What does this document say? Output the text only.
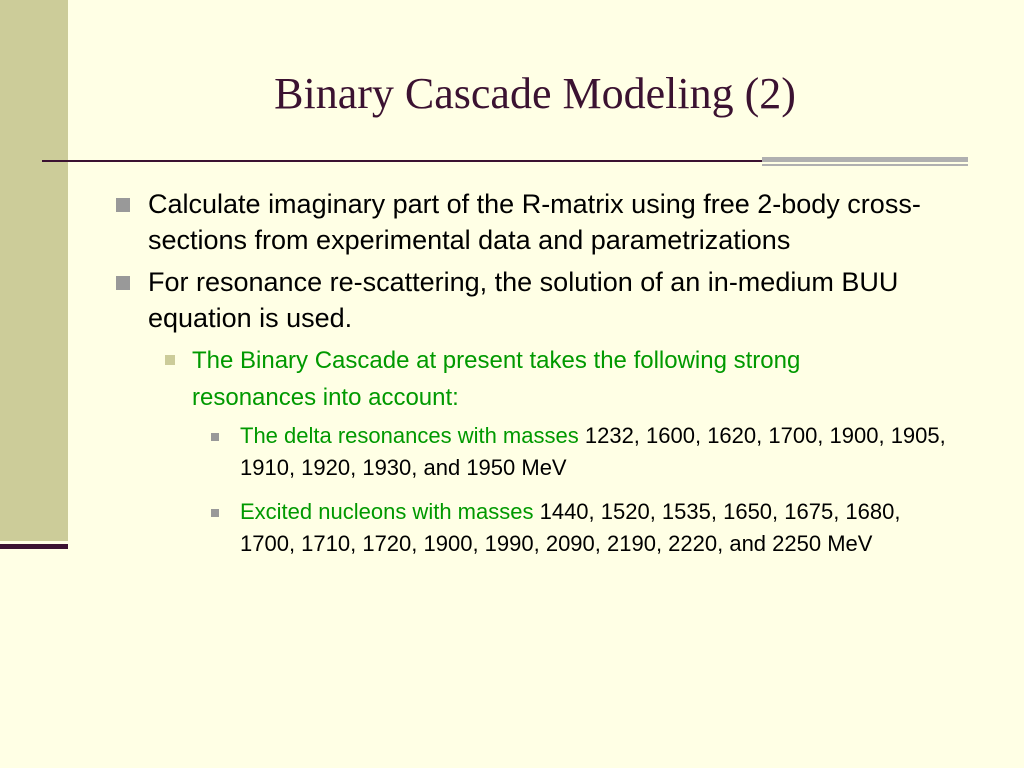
Binary Cascade Modeling (2)
Calculate imaginary part of the R-matrix using free 2-body cross-sections from experimental data and parametrizations
For resonance re-scattering, the solution of an in-medium BUU equation is used.
The Binary Cascade at present takes the following strong resonances into account:
The delta resonances with masses 1232, 1600, 1620, 1700, 1900, 1905, 1910, 1920, 1930, and 1950 MeV
Excited nucleons with masses 1440, 1520, 1535, 1650, 1675, 1680, 1700, 1710, 1720, 1900, 1990, 2090, 2190, 2220, and 2250 MeV
